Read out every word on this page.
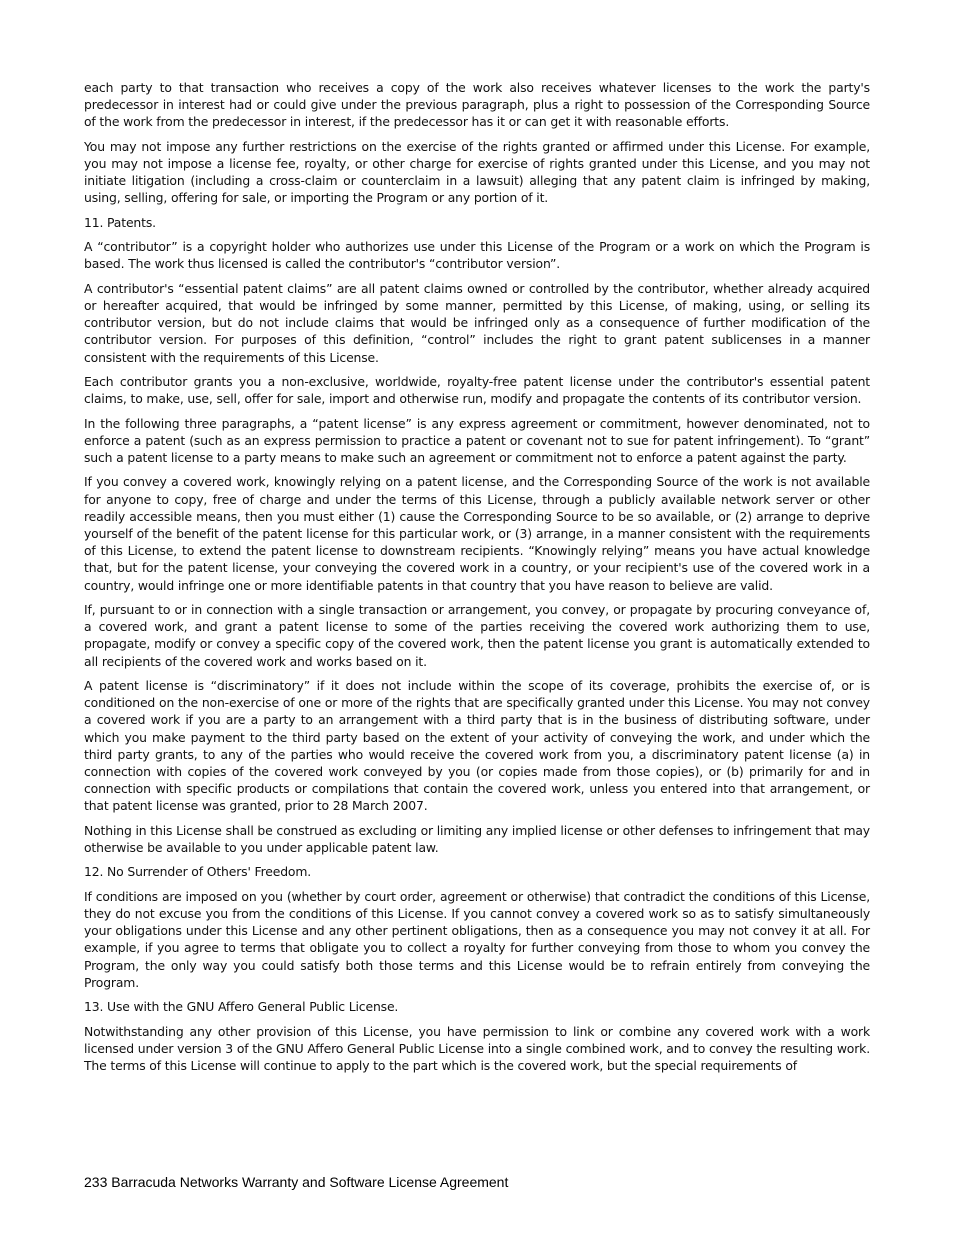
each party to that transaction who receives a copy of the work also receives whatever licenses to the work the party's predecessor in interest had or could give under the previous paragraph, plus a right to possession of the Corresponding Source of the work from the predecessor in interest, if the predecessor has it or can get it with reasonable efforts.

You may not impose any further restrictions on the exercise of the rights granted or affirmed under this License. For example, you may not impose a license fee, royalty, or other charge for exercise of rights granted under this License, and you may not initiate litigation (including a cross-claim or counterclaim in a lawsuit) alleging that any patent claim is infringed by making, using, selling, offering for sale, or importing the Program or any portion of it.

11. Patents.

A “contributor” is a copyright holder who authorizes use under this License of the Program or a work on which the Program is based. The work thus licensed is called the contributor's “contributor version”.

A contributor's “essential patent claims” are all patent claims owned or controlled by the contributor, whether already acquired or hereafter acquired, that would be infringed by some manner, permitted by this License, of making, using, or selling its contributor version, but do not include claims that would be infringed only as a consequence of further modification of the contributor version. For purposes of this definition, “control” includes the right to grant patent sublicenses in a manner consistent with the requirements of this License.

Each contributor grants you a non-exclusive, worldwide, royalty-free patent license under the contributor's essential patent claims, to make, use, sell, offer for sale, import and otherwise run, modify and propagate the contents of its contributor version.

In the following three paragraphs, a “patent license” is any express agreement or commitment, however denominated, not to enforce a patent (such as an express permission to practice a patent or covenant not to sue for patent infringement). To “grant” such a patent license to a party means to make such an agreement or commitment not to enforce a patent against the party.

If you convey a covered work, knowingly relying on a patent license, and the Corresponding Source of the work is not available for anyone to copy, free of charge and under the terms of this License, through a publicly available network server or other readily accessible means, then you must either (1) cause the Corresponding Source to be so available, or (2) arrange to deprive yourself of the benefit of the patent license for this particular work, or (3) arrange, in a manner consistent with the requirements of this License, to extend the patent license to downstream recipients. “Knowingly relying” means you have actual knowledge that, but for the patent license, your conveying the covered work in a country, or your recipient's use of the covered work in a country, would infringe one or more identifiable patents in that country that you have reason to believe are valid.

If, pursuant to or in connection with a single transaction or arrangement, you convey, or propagate by procuring conveyance of, a covered work, and grant a patent license to some of the parties receiving the covered work authorizing them to use, propagate, modify or convey a specific copy of the covered work, then the patent license you grant is automatically extended to all recipients of the covered work and works based on it.

A patent license is “discriminatory” if it does not include within the scope of its coverage, prohibits the exercise of, or is conditioned on the non-exercise of one or more of the rights that are specifically granted under this License. You may not convey a covered work if you are a party to an arrangement with a third party that is in the business of distributing software, under which you make payment to the third party based on the extent of your activity of conveying the work, and under which the third party grants, to any of the parties who would receive the covered work from you, a discriminatory patent license (a) in connection with copies of the covered work conveyed by you (or copies made from those copies), or (b) primarily for and in connection with specific products or compilations that contain the covered work, unless you entered into that arrangement, or that patent license was granted, prior to 28 March 2007.

Nothing in this License shall be construed as excluding or limiting any implied license or other defenses to infringement that may otherwise be available to you under applicable patent law.

12. No Surrender of Others' Freedom.

If conditions are imposed on you (whether by court order, agreement or otherwise) that contradict the conditions of this License, they do not excuse you from the conditions of this License. If you cannot convey a covered work so as to satisfy simultaneously your obligations under this License and any other pertinent obligations, then as a consequence you may not convey it at all. For example, if you agree to terms that obligate you to collect a royalty for further conveying from those to whom you convey the Program, the only way you could satisfy both those terms and this License would be to refrain entirely from conveying the Program.

13. Use with the GNU Affero General Public License.

Notwithstanding any other provision of this License, you have permission to link or combine any covered work with a work licensed under version 3 of the GNU Affero General Public License into a single combined work, and to convey the resulting work. The terms of this License will continue to apply to the part which is the covered work, but the special requirements of

233 Barracuda Networks Warranty and Software License Agreement
